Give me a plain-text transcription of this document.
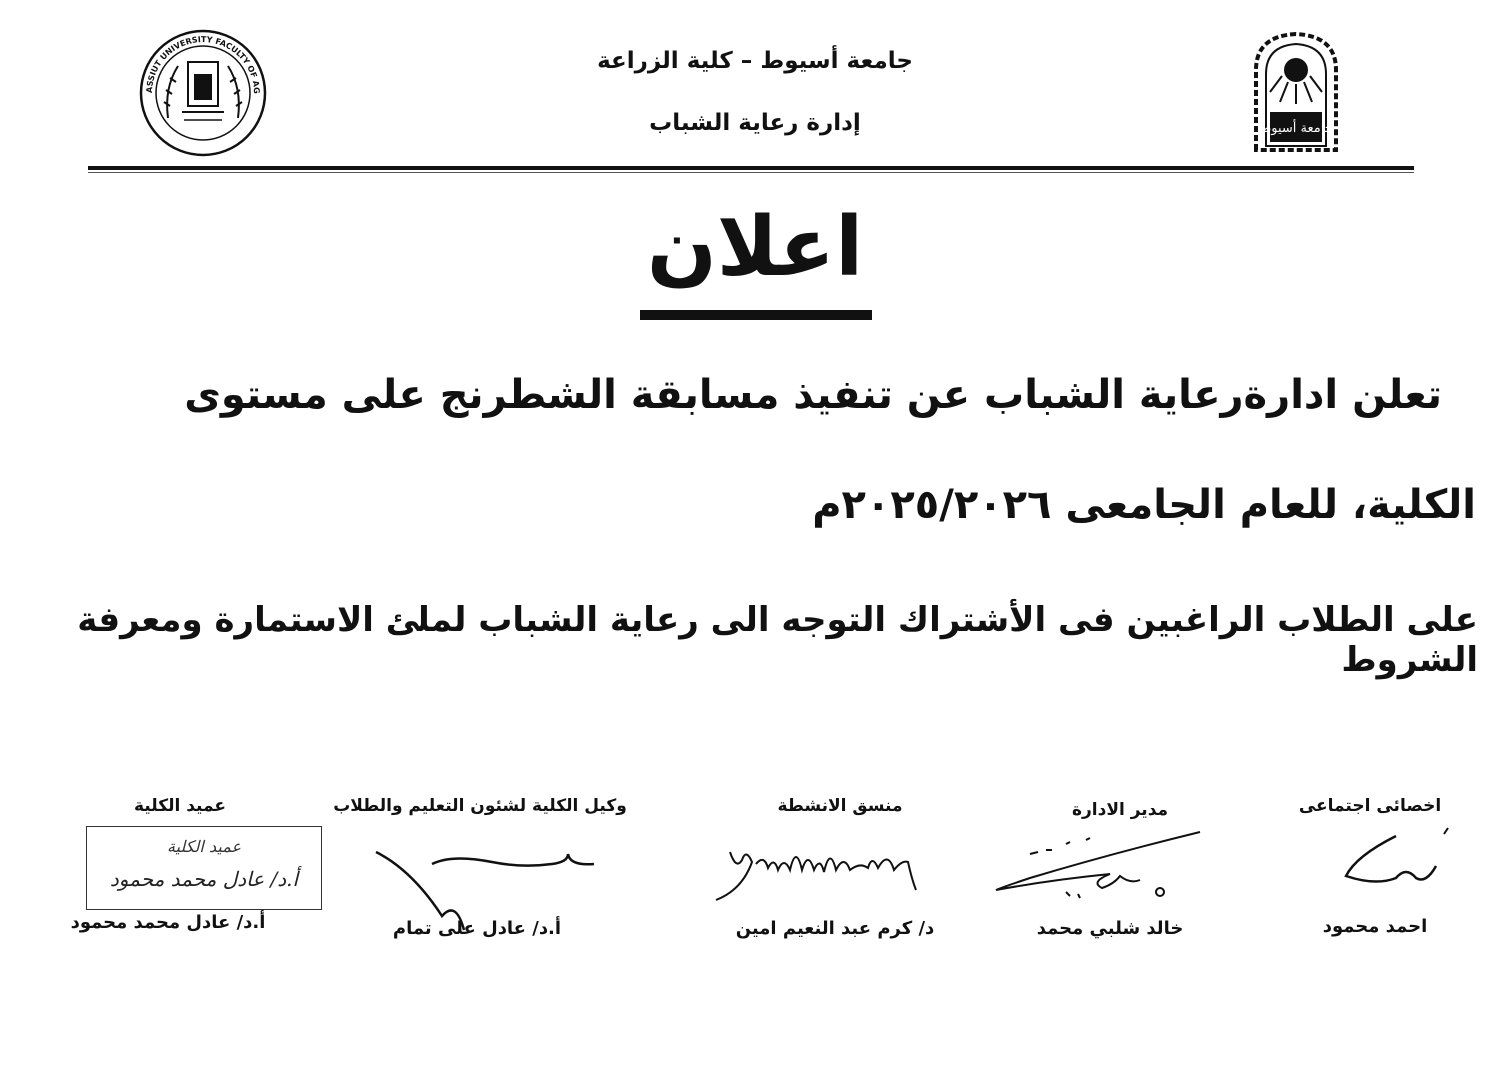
جامعة أسيوط
ASSIUT UNIVERSITY FACULTY OF AG
جامعة أسيوط – كلية الزراعة
إدارة رعاية الشباب
اعلان
تعلن ادارةرعاية الشباب عن تنفيذ مسابقة الشطرنج على مستوى
الكلية، للعام الجامعى ٢٠٢٥/٢٠٢٦م
على الطلاب الراغبين فى الأشتراك التوجه الى رعاية الشباب لملئ الاستمارة ومعرفة الشروط
اخصائى اجتماعى
احمد محمود
مدير الادارة
خالد شلبي محمد
منسق الانشطة
د/ كرم عبد النعيم امين
وكيل الكلية لشئون التعليم والطلاب
أ.د/ عادل على تمام
عميد الكلية
عميد الكلية
أ.د/ عادل محمد محمود
أ.د/ عادل محمد محمود
